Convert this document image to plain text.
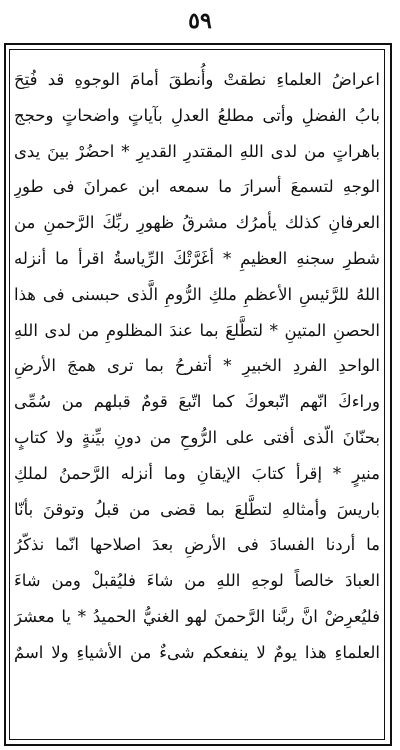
٥٩
اعراضُ العلماءِ نطقتْ وأُنطقَ أمامَ الوجوهِ قد فُتِحَ
بابُ الفضلِ وأتى مطلعُ العدلِ بآياتٍ واضحاتٍ وحجج
باهراتٍ من لدى اللهِ المقتدرِ القديرِ * احضُرْ بينَ يدى
الوجهِ لتسمعَ أسرارَ ما سمعه ابن عمرانَ فى طورِ
العرفانِ كذلك يأمرُك مشرقُ ظهورِ ربِّكَ الرَّحمنِ من
شطرِ سجنهِ العظيمِ * أغَرَّتْكَ الرِّياسةُ اقرأ ما أنزله
اللهُ للرَّئيسِ الأعظمِ ملكِ الرُّومِ الَّذى حبسنى فى هذا
الحصنِ المتينِ * لتطَّلعَ بما عندَ المظلومِ من لدى اللهِ
الواحدِ الفردِ الخبيرِ * أتفرحُ بما ترى همجَ الأرضِ
وراءكَ انّهم اتّبعوكَ كما اتّبعَ قومٌ قبلهم من سُمِّى
بحنّانَ الّذى أفتى على الرُّوحِ من دونِ بيِّنةٍ ولا كتابٍ
منيرٍ * إقرأ كتابَ الإيقانِ وما أنزله الرَّحمنُ لملكِ
باريسَ وأمثالهِ لتطَّلعَ بما قضى من قبلُ وتوقنَ بأنّا
ما أردنا الفسادَ فى الأرضِ بعدَ اصلاحها انّما نذكّرُ
العبادَ خالصاً لوجهِ اللهِ من شاءَ فليُقبلْ ومن شاءَ
فليُعرِضْ انَّ ربَّنا الرَّحمنَ لهو الغنيُّ الحميدُ * يا معشرَ
العلماءِ هذا يومٌ لا ينفعكم شىءٌ من الأشياءِ ولا اسمٌ
